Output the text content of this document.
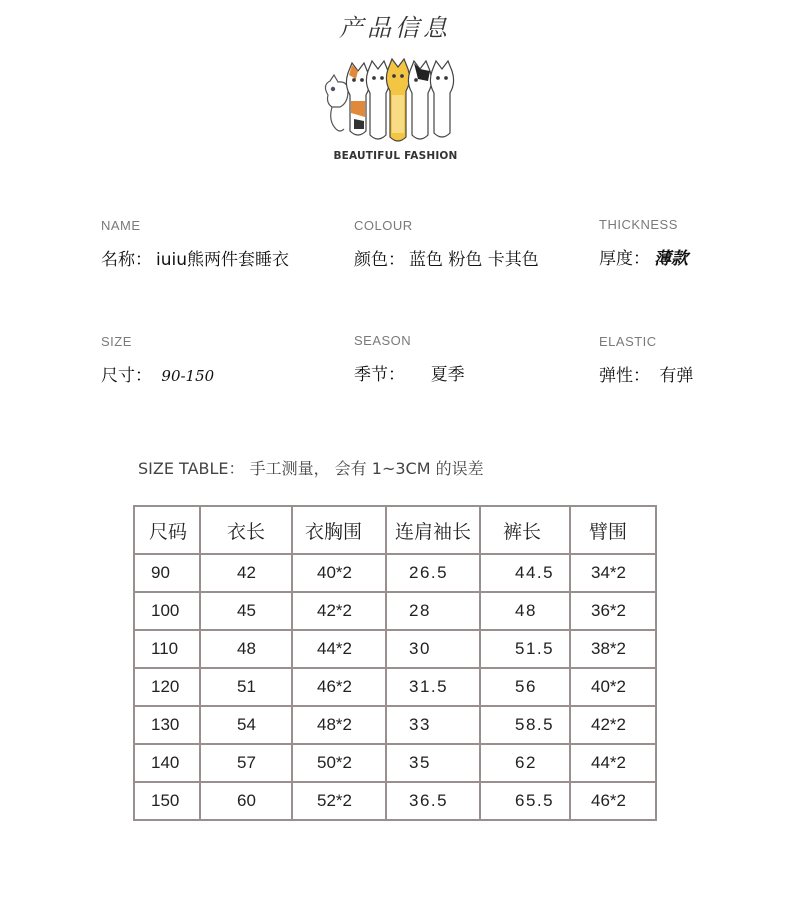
产品信息
BEAUTIFUL FASHION
NAME
名称： iuiu熊两件套睡衣
COLOUR
颜色： 蓝色 粉色 卡其色
THICKNESS
厚度： 薄款
SIZE
尺寸： 90-150
SEASON
季节： 夏季
ELASTIC
弹性： 有弹
SIZE TABLE： 手工测量， 会有 1~3CM 的误差
尺码	衣长	衣胸围	连肩袖长	裤长	臂围
90	42	40*2	26.5	44.5	34*2
100	45	42*2	28	48	36*2
110	48	44*2	30	51.5	38*2
120	51	46*2	31.5	56	40*2
130	54	48*2	33	58.5	42*2
140	57	50*2	35	62	44*2
150	60	52*2	36.5	65.5	46*2
